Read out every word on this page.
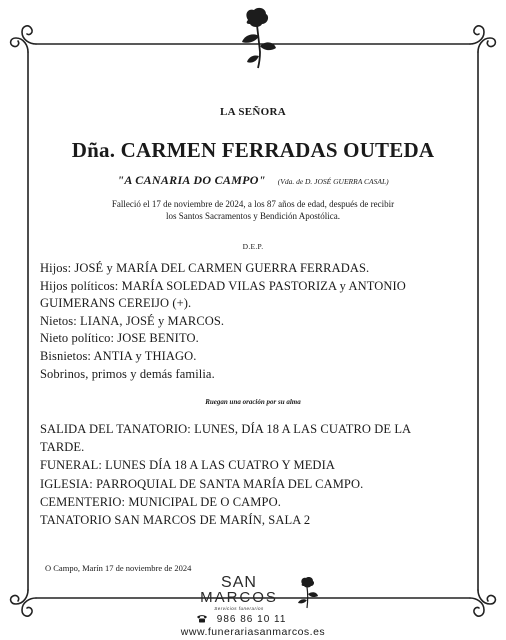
LA SEÑORA
Dña. CARMEN FERRADAS OUTEDA
"A CANARIA DO CAMPO" (Vda. de D. JOSÉ GUERRA CASAL)
Falleció el 17 de noviembre de 2024, a los 87 años de edad, después de recibir
los Santos Sacramentos y Bendición Apostólica.
D.E.P.
Hijos: JOSÉ y MARÍA DEL CARMEN GUERRA FERRADAS.
Hijos políticos: MARÍA SOLEDAD VILAS PASTORIZA y ANTONIO
GUIMERANS CEREIJO (+).
Nietos: LIANA, JOSÉ y MARCOS.
Nieto político: JOSE BENITO.
Bisnietos: ANTIA y THIAGO.
Sobrinos, primos y demás familia.
Ruegan una oración por su alma
SALIDA DEL TANATORIO: LUNES, DÍA 18 A LAS CUATRO DE LA
TARDE.
FUNERAL: LUNES DÍA 18 A LAS CUATRO Y MEDIA
IGLESIA: PARROQUIAL DE SANTA MARÍA DEL CAMPO.
CEMENTERIO: MUNICIPAL DE O CAMPO.
TANATORIO SAN MARCOS DE MARÍN, SALA 2
O Campo, Marín 17 de noviembre de 2024
SAN
MARCOS
Servicios funerarios
986 86 10 11
www.funerariasanmarcos.es
